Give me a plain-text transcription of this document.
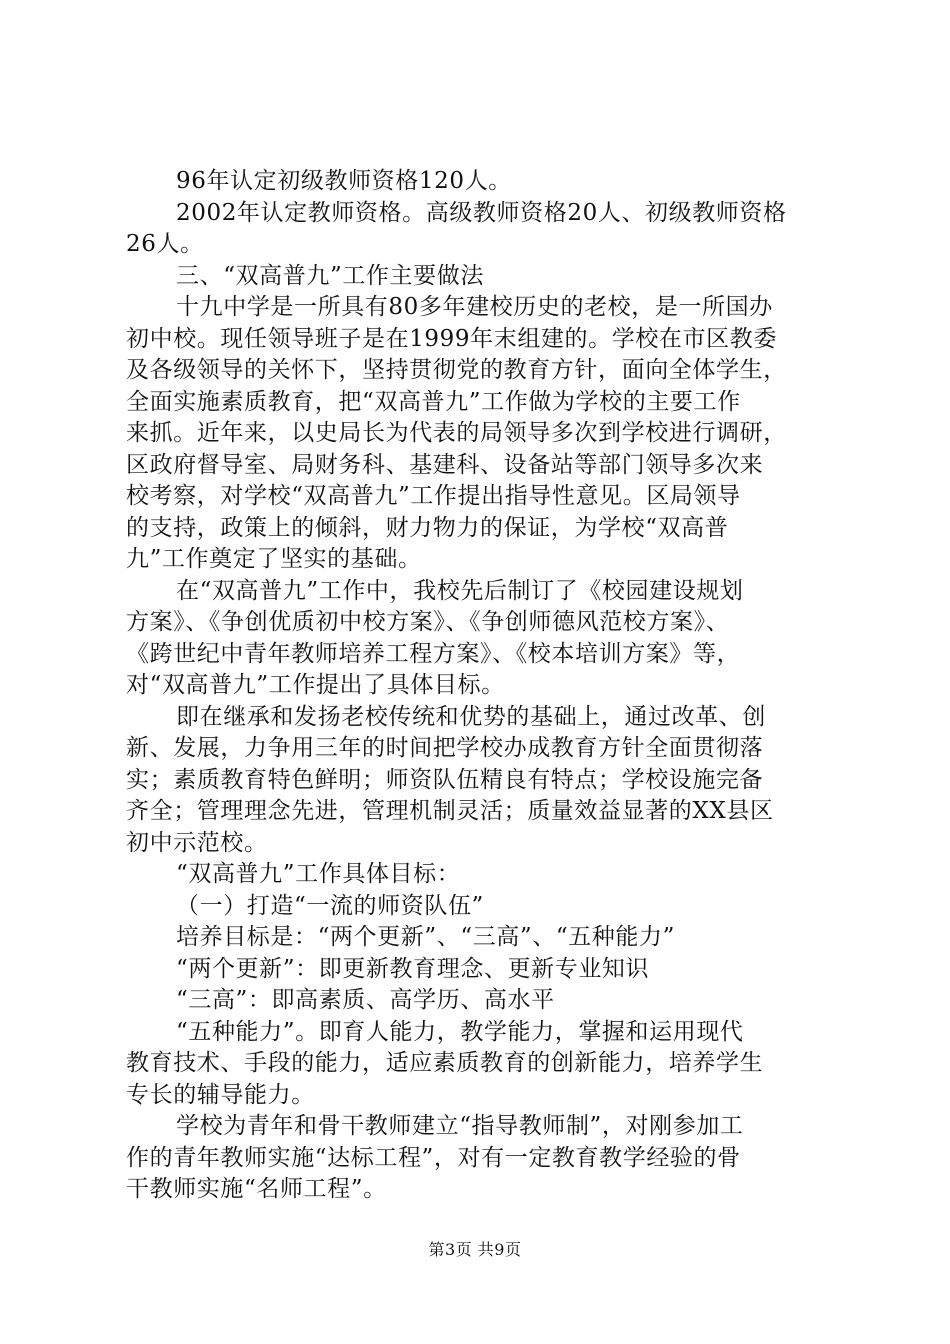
96年认定初级教师资格120人。
2002年认定教师资格。高级教师资格20人、初级教师资格
26人。
三、“双高普九”工作主要做法
十九中学是一所具有80多年建校历史的老校，是一所国办
初中校。现任领导班子是在1999年末组建的。学校在市区教委
及各级领导的关怀下，坚持贯彻党的教育方针，面向全体学生，
全面实施素质教育，把“双高普九”工作做为学校的主要工作
来抓。近年来，以史局长为代表的局领导多次到学校进行调研，
区政府督导室、局财务科、基建科、设备站等部门领导多次来
校考察，对学校“双高普九”工作提出指导性意见。区局领导
的支持，政策上的倾斜，财力物力的保证，为学校“双高普
九”工作奠定了坚实的基础。
在“双高普九”工作中，我校先后制订了《校园建设规划
方案》、《争创优质初中校方案》、《争创师德风范校方案》、
《跨世纪中青年教师培养工程方案》、《校本培训方案》等，
对“双高普九”工作提出了具体目标。
即在继承和发扬老校传统和优势的基础上，通过改革、创
新、发展，力争用三年的时间把学校办成教育方针全面贯彻落
实；素质教育特色鲜明；师资队伍精良有特点；学校设施完备
齐全；管理理念先进，管理机制灵活；质量效益显著的XX县区
初中示范校。
“双高普九”工作具体目标：
（一）打造“一流的师资队伍”
培养目标是：“两个更新”、“三高”、“五种能力”
“两个更新”：即更新教育理念、更新专业知识
“三高”：即高素质、高学历、高水平
“五种能力”。即育人能力，教学能力，掌握和运用现代
教育技术、手段的能力，适应素质教育的创新能力，培养学生
专长的辅导能力。
学校为青年和骨干教师建立“指导教师制”，对刚参加工
作的青年教师实施“达标工程”，对有一定教育教学经验的骨
干教师实施“名师工程”。
第3页 共9页
